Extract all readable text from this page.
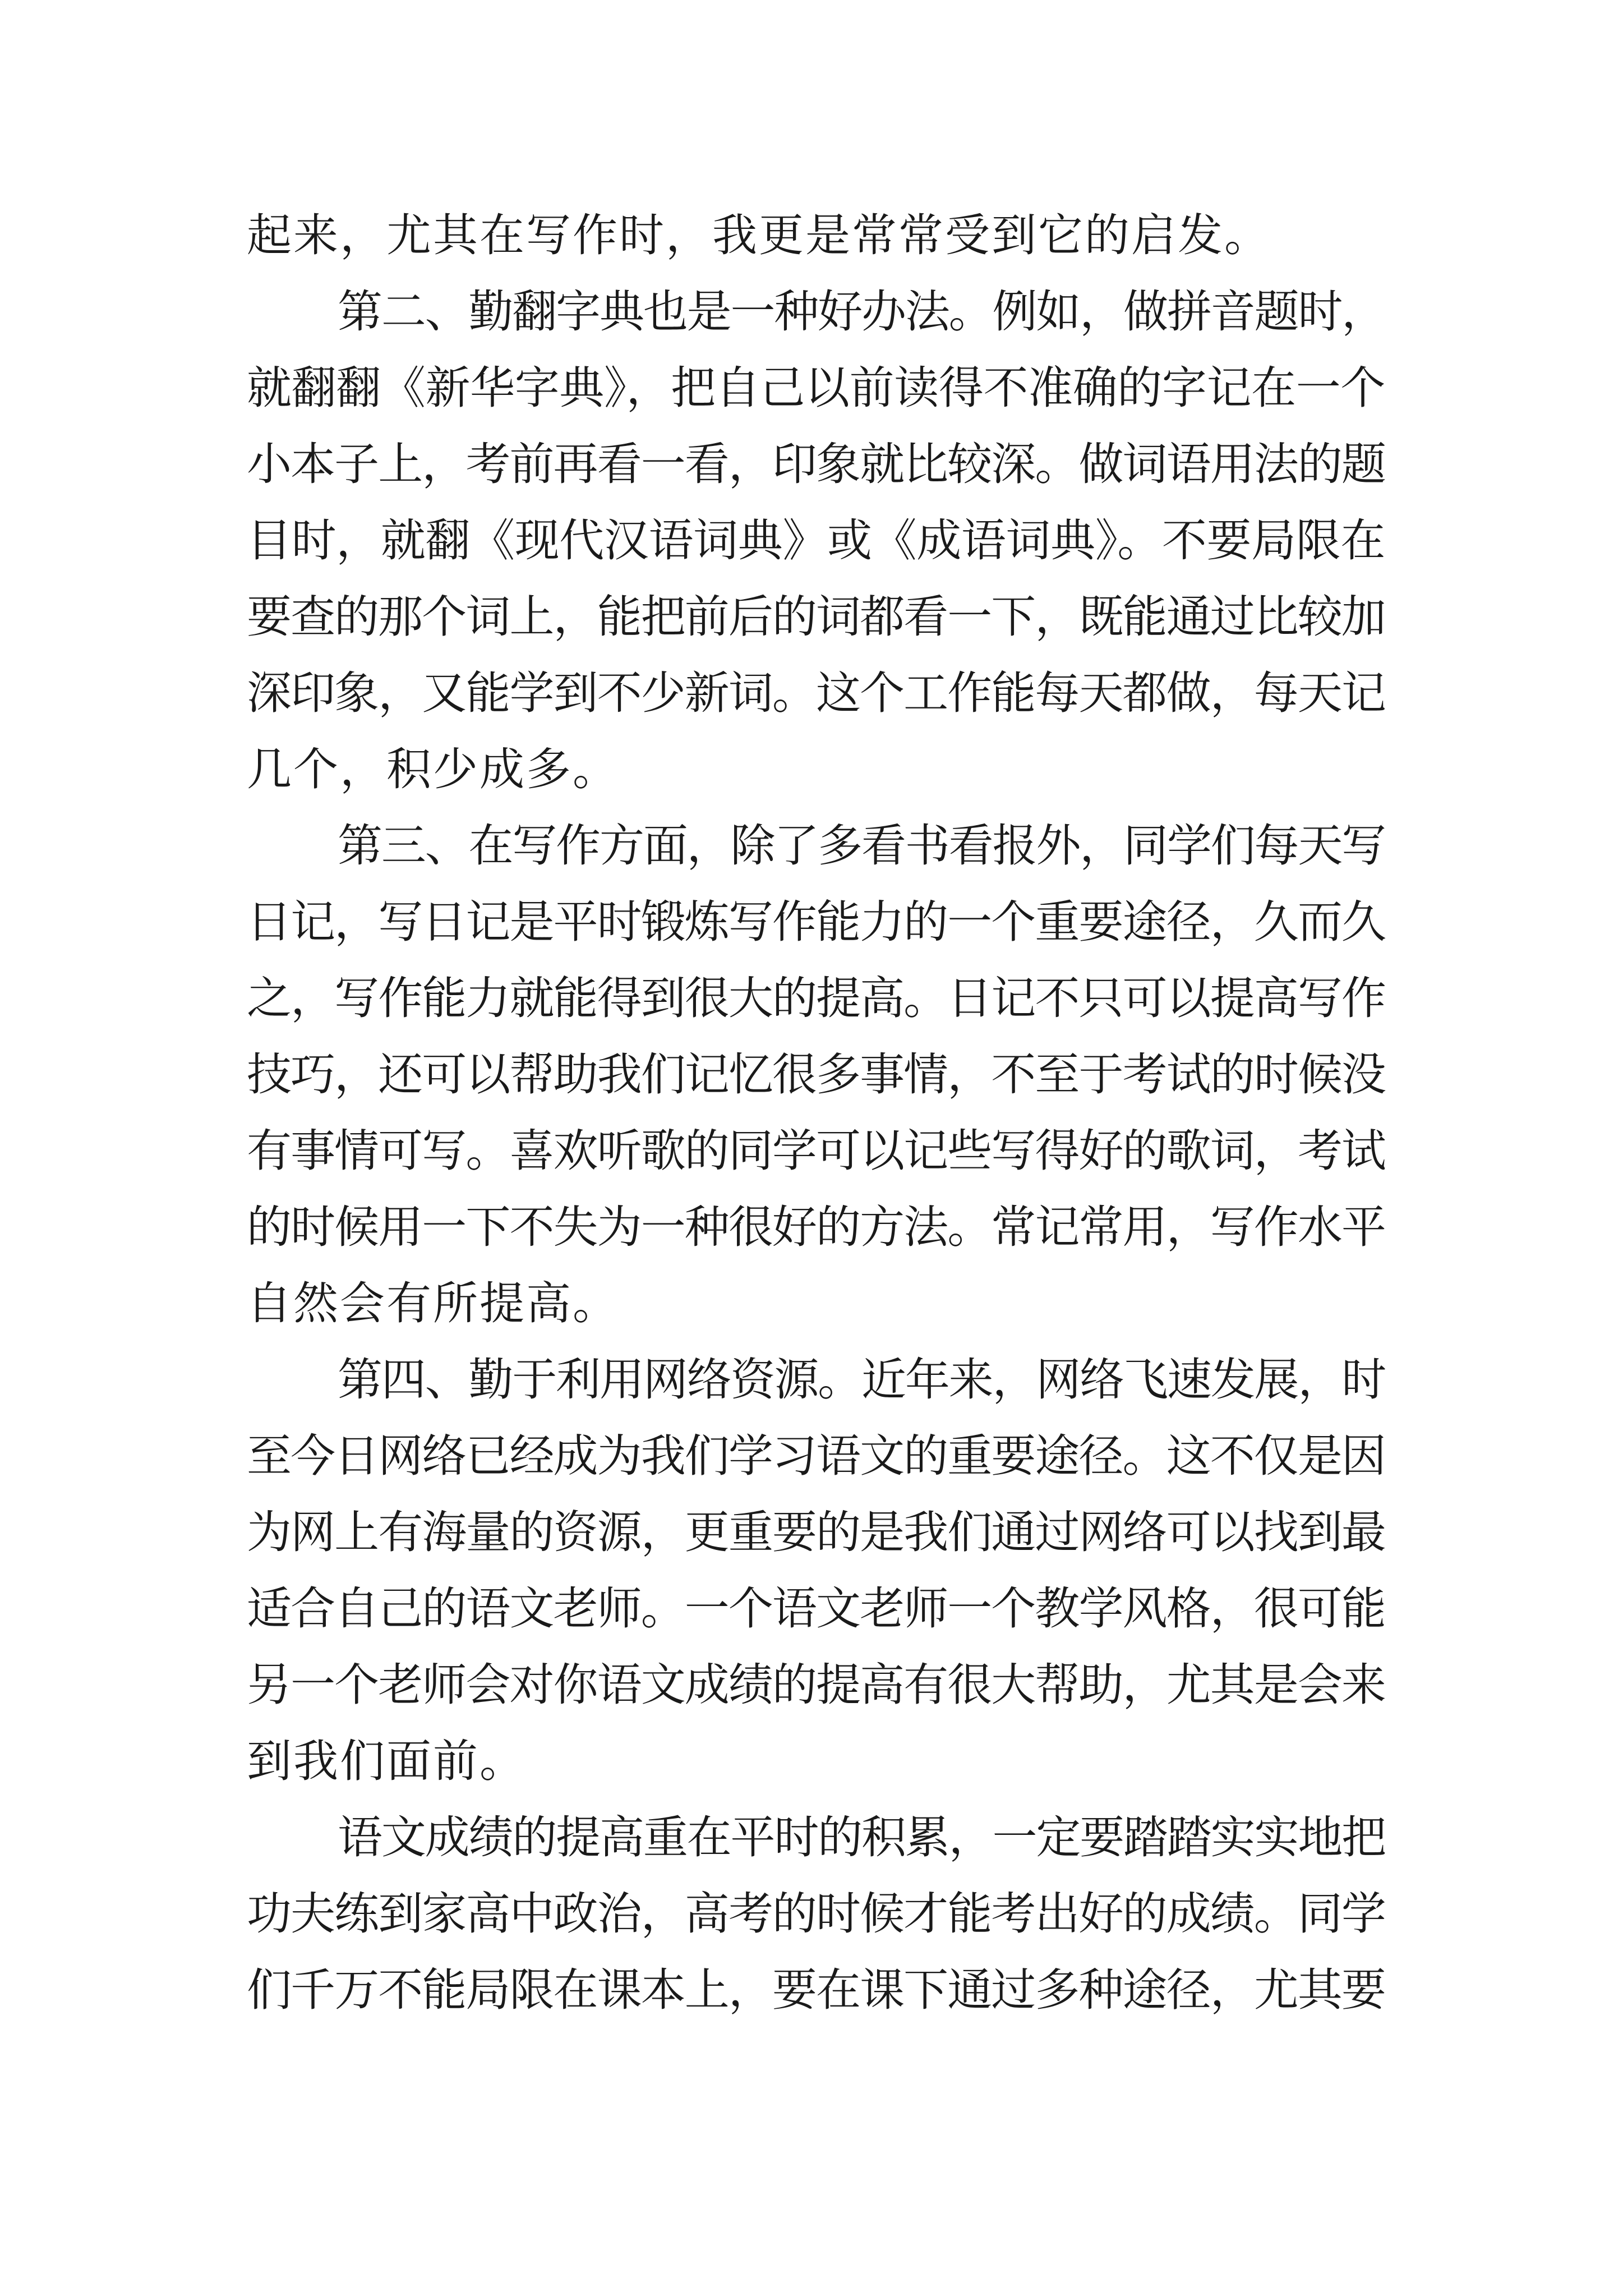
起来，尤其在写作时，我更是常常受到它的启发。
第二、勤翻字典也是一种好办法。例如，做拼音题时，
就翻翻《新华字典》，把自己以前读得不准确的字记在一个
小本子上，考前再看一看，印象就比较深。做词语用法的题
目时，就翻《现代汉语词典》或《成语词典》。不要局限在
要查的那个词上，能把前后的词都看一下，既能通过比较加
深印象，又能学到不少新词。这个工作能每天都做，每天记
几个，积少成多。
第三、在写作方面，除了多看书看报外，同学们每天写
日记，写日记是平时锻炼写作能力的一个重要途径，久而久
之，写作能力就能得到很大的提高。日记不只可以提高写作
技巧，还可以帮助我们记忆很多事情，不至于考试的时候没
有事情可写。喜欢听歌的同学可以记些写得好的歌词，考试
的时候用一下不失为一种很好的方法。常记常用，写作水平
自然会有所提高。
第四、勤于利用网络资源。近年来，网络飞速发展，时
至今日网络已经成为我们学习语文的重要途径。这不仅是因
为网上有海量的资源，更重要的是我们通过网络可以找到最
适合自己的语文老师。一个语文老师一个教学风格，很可能
另一个老师会对你语文成绩的提高有很大帮助，尤其是会来
到我们面前。
语文成绩的提高重在平时的积累，一定要踏踏实实地把
功夫练到家高中政治，高考的时候才能考出好的成绩。同学
们千万不能局限在课本上，要在课下通过多种途径，尤其要
